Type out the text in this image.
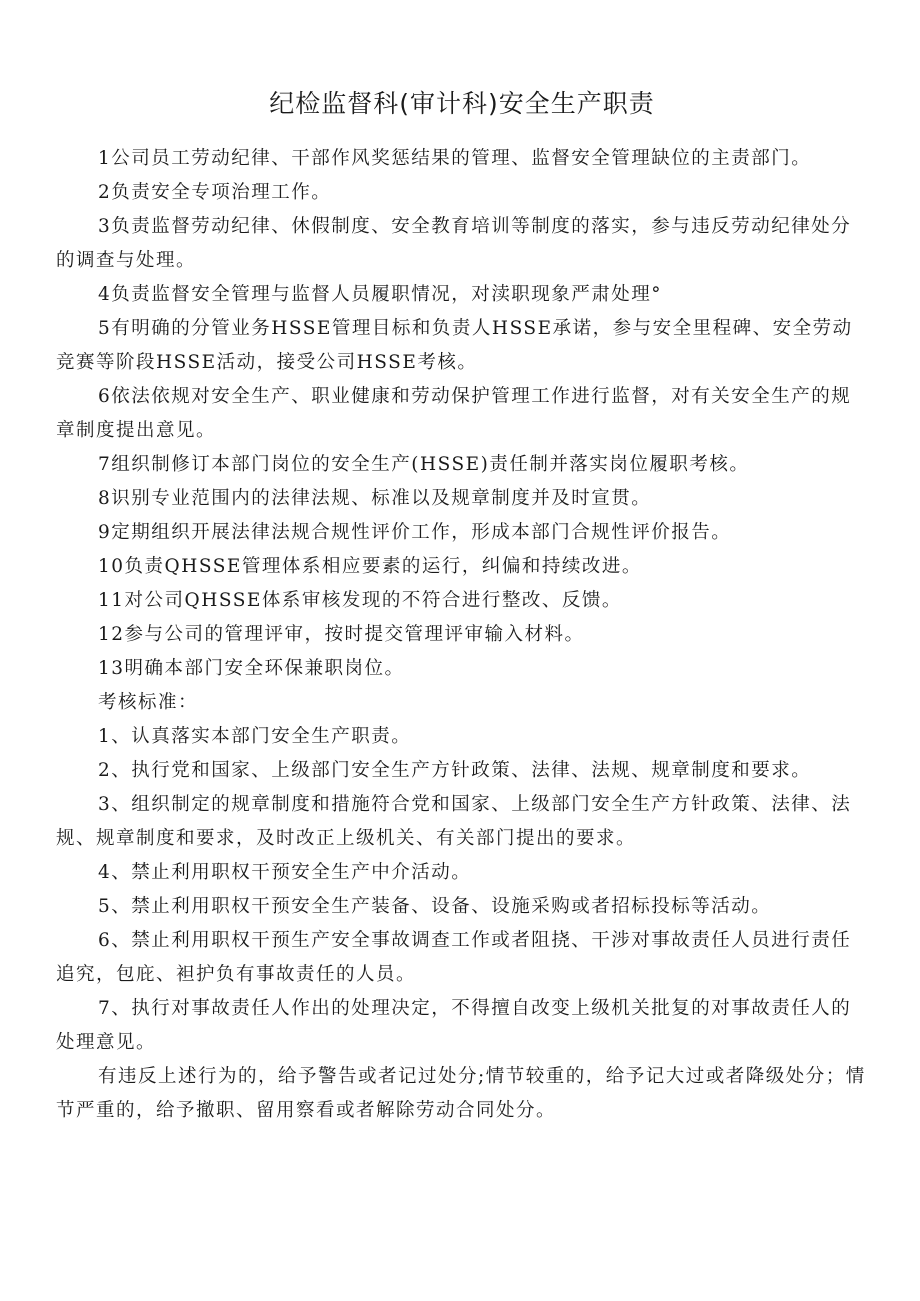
纪检监督科(审计科)安全生产职责

1公司员工劳动纪律、干部作风奖惩结果的管理、监督安全管理缺位的主责部门。

2负责安全专项治理工作。

3负责监督劳动纪律、休假制度、安全教育培训等制度的落实，参与违反劳动纪律处分的调查与处理。

4负责监督安全管理与监督人员履职情况，对渎职现象严肃处理°

5有明确的分管业务HSSE管理目标和负责人HSSE承诺，参与安全里程碑、安全劳动竞赛等阶段HSSE活动，接受公司HSSE考核。

6依法依规对安全生产、职业健康和劳动保护管理工作进行监督，对有关安全生产的规章制度提出意见。

7组织制修订本部门岗位的安全生产(HSSE)责任制并落实岗位履职考核。

8识别专业范围内的法律法规、标准以及规章制度并及时宣贯。

9定期组织开展法律法规合规性评价工作，形成本部门合规性评价报告。

10负责QHSSE管理体系相应要素的运行，纠偏和持续改进。

11对公司QHSSE体系审核发现的不符合进行整改、反馈。

12参与公司的管理评审，按时提交管理评审输入材料。

13明确本部门安全环保兼职岗位。

考核标准：

1、认真落实本部门安全生产职责。

2、执行党和国家、上级部门安全生产方针政策、法律、法规、规章制度和要求。

3、组织制定的规章制度和措施符合党和国家、上级部门安全生产方针政策、法律、法规、规章制度和要求，及时改正上级机关、有关部门提出的要求。

4、禁止利用职权干预安全生产中介活动。

5、禁止利用职权干预安全生产装备、设备、设施采购或者招标投标等活动。

6、禁止利用职权干预生产安全事故调查工作或者阻挠、干涉对事故责任人员进行责任追究，包庇、袒护负有事故责任的人员。

7、执行对事故责任人作出的处理决定，不得擅自改变上级机关批复的对事故责任人的处理意见。

有违反上述行为的，给予警告或者记过处分;情节较重的，给予记大过或者降级处分；情节严重的，给予撤职、留用察看或者解除劳动合同处分。
